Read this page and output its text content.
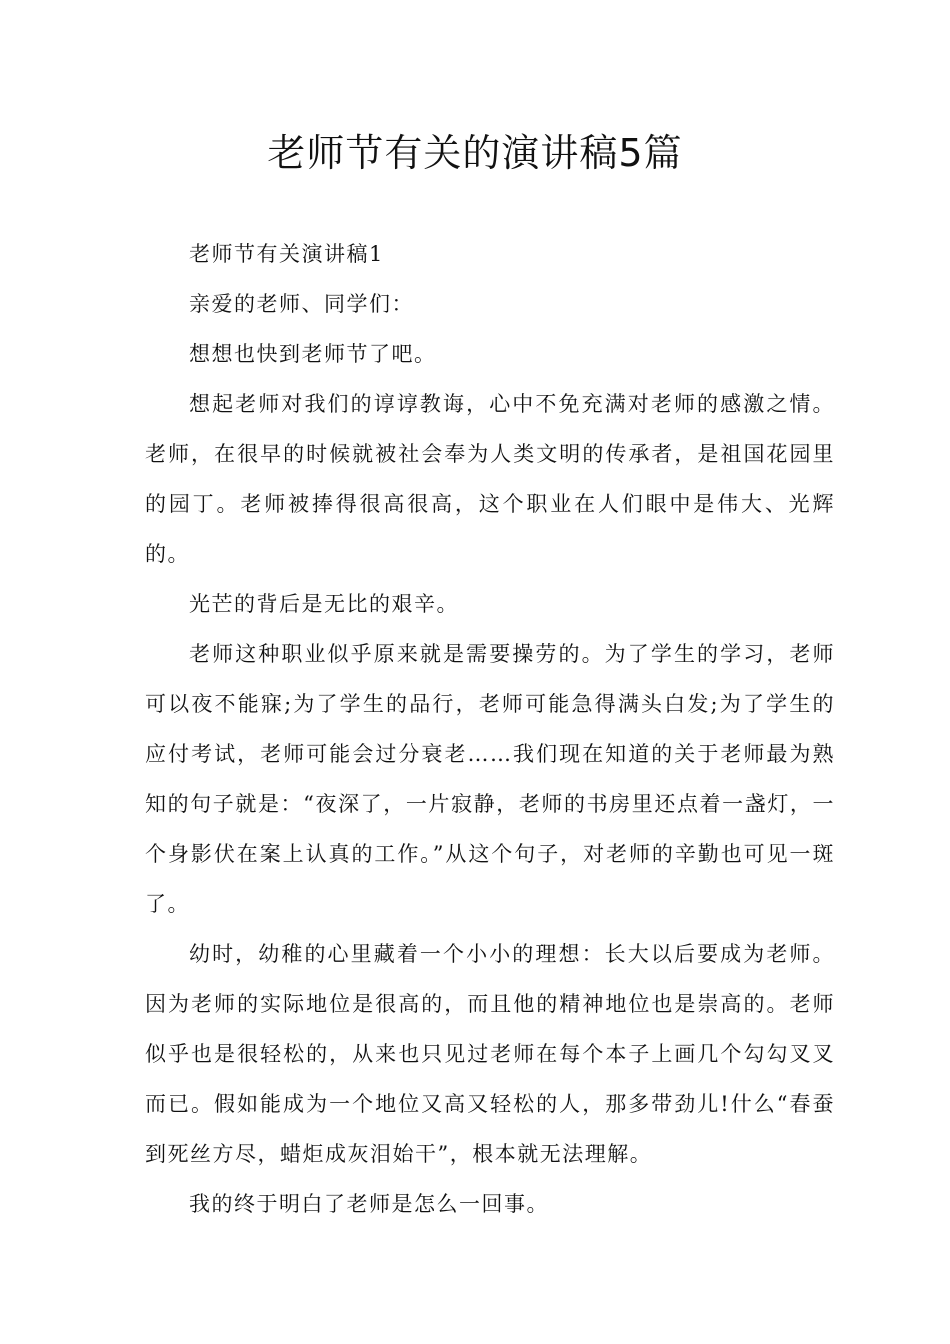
老师节有关的演讲稿5篇

老师节有关演讲稿1

亲爱的老师、同学们：

想想也快到老师节了吧。

想起老师对我们的谆谆教诲，心中不免充满对老师的感激之情。老师，在很早的时候就被社会奉为人类文明的传承者，是祖国花园里的园丁。老师被捧得很高很高，这个职业在人们眼中是伟大、光辉的。

光芒的背后是无比的艰辛。

老师这种职业似乎原来就是需要操劳的。为了学生的学习，老师可以夜不能寐;为了学生的品行，老师可能急得满头白发;为了学生的应付考试，老师可能会过分衰老……我们现在知道的关于老师最为熟知的句子就是：“夜深了，一片寂静，老师的书房里还点着一盏灯，一个身影伏在案上认真的工作。”从这个句子，对老师的辛勤也可见一斑了。

幼时，幼稚的心里藏着一个小小的理想：长大以后要成为老师。因为老师的实际地位是很高的，而且他的精神地位也是崇高的。老师似乎也是很轻松的，从来也只见过老师在每个本子上画几个勾勾叉叉而已。假如能成为一个地位又高又轻松的人，那多带劲儿!什么“春蚕到死丝方尽，蜡炬成灰泪始干”，根本就无法理解。

我的终于明白了老师是怎么一回事。
